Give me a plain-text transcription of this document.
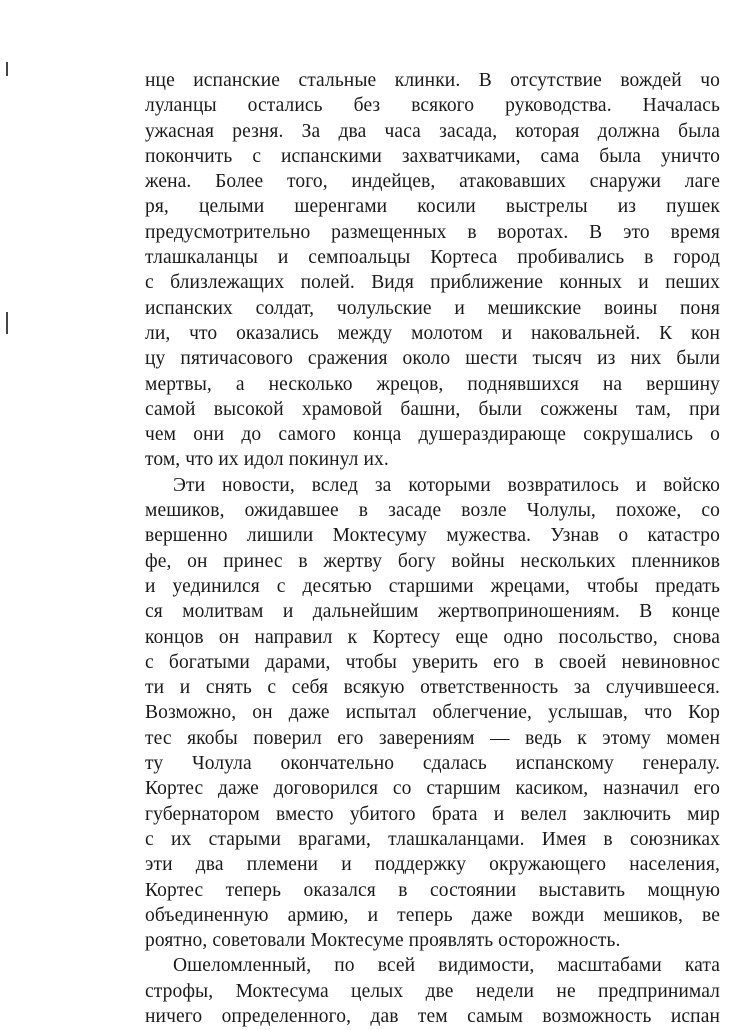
нце испанские стальные клинки. В отсутствие вождей чо
луланцы остались без всякого руководства. Началась
ужасная резня. За два часа засада, которая должна была
покончить с испанскими захватчиками, сама была уничто
жена. Более того, индейцев, атаковавших снаружи лаге
ря, целыми шеренгами косили выстрелы из пушек
предусмотрительно размещенных в воротах. В это время
тлашкаланцы и семпоальцы Кортеса пробивались в город
с близлежащих полей. Видя приближение конных и пеших
испанских солдат, чолульские и мешикские воины поня
ли, что оказались между молотом и наковальней. К кон
цу пятичасового сражения около шести тысяч из них были
мертвы, а несколько жрецов, поднявшихся на вершину
самой высокой храмовой башни, были сожжены там, при
чем они до самого конца душераздирающе сокрушались о
том, что их идол покинул их.
Эти новости, вслед за которыми возвратилось и войско
мешиков, ожидавшее в засаде возле Чолулы, похоже, со
вершенно лишили Моктесуму мужества. Узнав о катастро
фе, он принес в жертву богу войны нескольких пленников
и уединился с десятью старшими жрецами, чтобы предать
ся молитвам и дальнейшим жертвоприношениям. В конце
концов он направил к Кортесу еще одно посольство, снова
с богатыми дарами, чтобы уверить его в своей невиновнос
ти и снять с себя всякую ответственность за случившееся.
Возможно, он даже испытал облегчение, услышав, что Кор
тес якобы поверил его заверениям — ведь к этому момен
ту Чолула окончательно сдалась испанскому генералу.
Кортес даже договорился со старшим касиком, назначил его
губернатором вместо убитого брата и велел заключить мир
с их старыми врагами, тлашкаланцами. Имея в союзниках
эти два племени и поддержку окружающего населения,
Кортес теперь оказался в состоянии выставить мощную
объединенную армию, и теперь даже вожди мешиков, ве
роятно, советовали Моктесуме проявлять осторожность.
Ошеломленный, по всей видимости, масштабами ката
строфы, Моктесума целых две недели не предпринимал
ничего определенного, дав тем самым возможность испан
